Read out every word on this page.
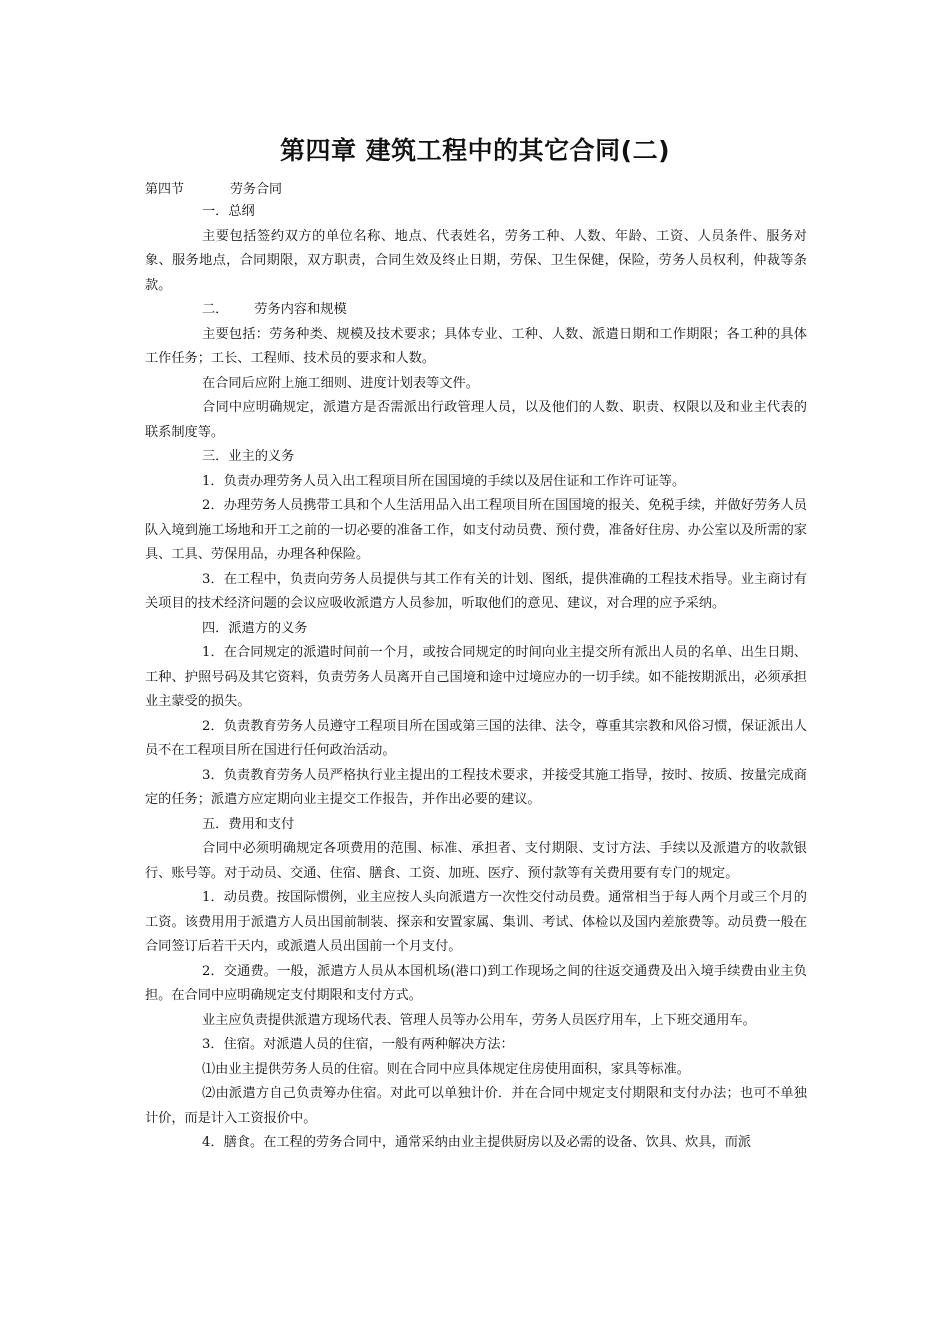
第四章 建筑工程中的其它合同(二)
第四节	劳务合同
一．总纲
主要包括签约双方的单位名称、地点、代表姓名，劳务工种、人数、年龄、工资、人员条件、服务对象、服务地点，合同期限，双方职责，合同生效及终止日期，劳保、卫生保健，保险，劳务人员权利，仲裁等条款。
二． 劳务内容和规模
主要包括：劳务种类、规模及技术要求；具体专业、工种、人数、派遣日期和工作期限；各工种的具体工作任务；工长、工程师、技术员的要求和人数。
在合同后应附上施工细则、进度计划表等文件。
合同中应明确规定，派遣方是否需派出行政管理人员，以及他们的人数、职责、权限以及和业主代表的联系制度等。
三．业主的义务
1．负责办理劳务人员入出工程项目所在国国境的手续以及居住证和工作许可证等。
2．办理劳务人员携带工具和个人生活用品入出工程项目所在国国境的报关、免税手续，并做好劳务人员队入境到施工场地和开工之前的一切必要的准备工作，如支付动员费、预付费，准备好住房、办公室以及所需的家具、工具、劳保用品，办理各种保险。
3．在工程中，负责向劳务人员提供与其工作有关的计划、图纸，提供准确的工程技术指导。业主商讨有关项目的技术经济问题的会议应吸收派遣方人员参加，听取他们的意见、建议，对合理的应予采纳。
四．派遣方的义务
1．在合同规定的派遣时间前一个月，或按合同规定的时间向业主提交所有派出人员的名单、出生日期、工种、护照号码及其它资料，负责劳务人员离开自己国境和途中过境应办的一切手续。如不能按期派出，必须承担业主蒙受的损失。
2．负责教育劳务人员遵守工程项目所在国或第三国的法律、法令，尊重其宗教和风俗习惯，保证派出人员不在工程项目所在国进行任何政治活动。
3．负责教育劳务人员严格执行业主提出的工程技术要求，并接受其施工指导，按时、按质、按量完成商定的任务；派遣方应定期向业主提交工作报告，并作出必要的建议。
五．费用和支付
合同中必须明确规定各项费用的范围、标准、承担者、支付期限、支讨方法、手续以及派遣方的收款银行、账号等。对于动员、交通、住宿、膳食、工资、加班、医疗、预付款等有关费用要有专门的规定。
1．动员费。按国际惯例，业主应按人头向派遣方一次性交付动员费。通常相当于每人两个月或三个月的工资。该费用用于派遣方人员出国前制装、探亲和安置家属、集训、考试、体检以及国内差旅费等。动员费一般在合同签订后若干天内，或派遣人员出国前一个月支付。
2．交通费。一般，派遣方人员从本国机场(港口)到工作现场之间的往返交通费及出入境手续费由业主负担。在合同中应明确规定支付期限和支付方式。
业主应负责提供派遣方现场代表、管理人员等办公用车，劳务人员医疗用车，上下班交通用车。
3．住宿。对派遣人员的住宿，一般有两种解决方法：
⑴由业主提供劳务人员的住宿。则在合同中应具体规定住房使用面积，家具等标准。
⑵由派遣方自己负责筹办住宿。对此可以单独计价．并在合同中规定支付期限和支付办法；也可不单独计价，而是计入工资报价中。
4．膳食。在工程的劳务合同中，通常采纳由业主提供厨房以及必需的设备、饮具、炊具，而派
